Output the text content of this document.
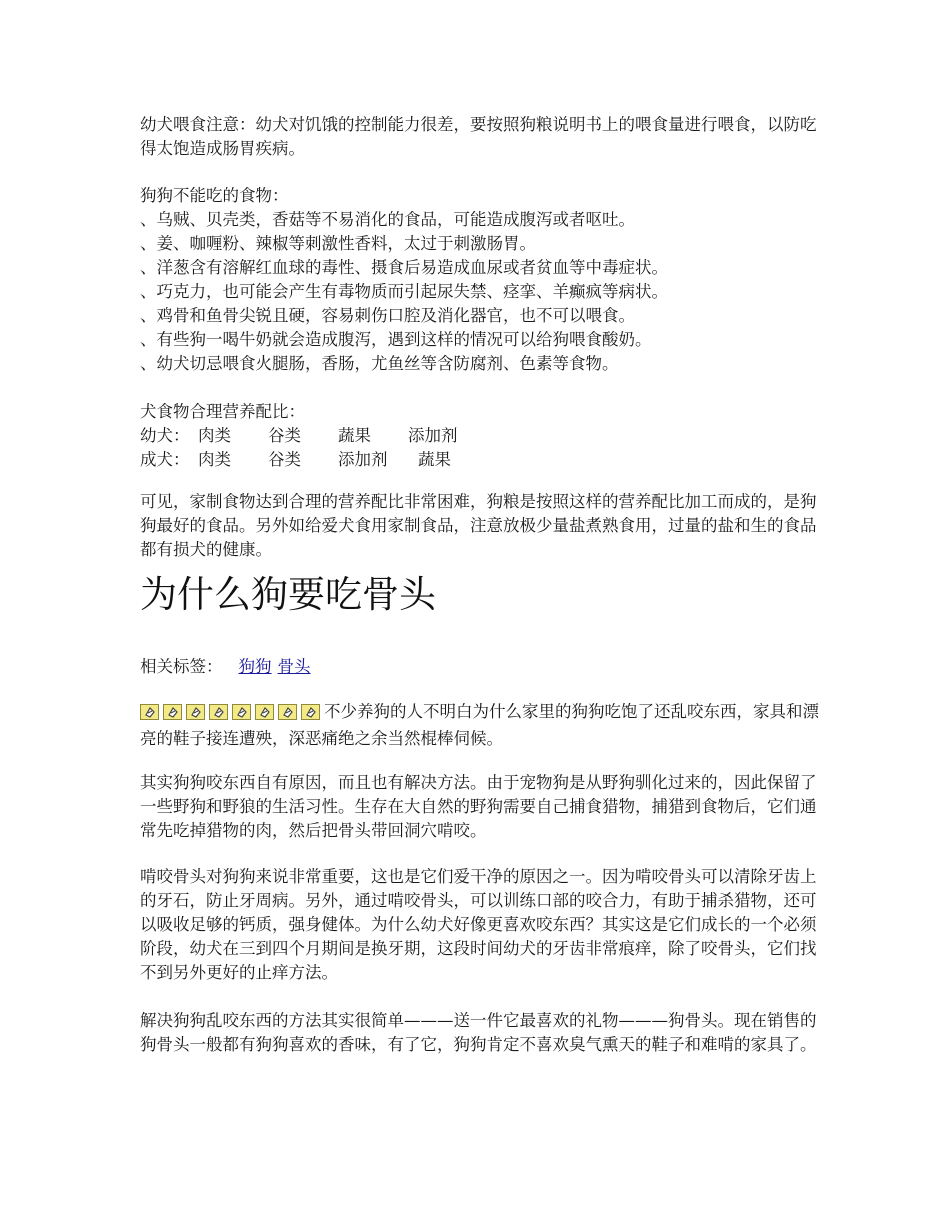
幼犬喂食注意：幼犬对饥饿的控制能力很差，要按照狗粮说明书上的喂食量进行喂食，以防吃得太饱造成肠胃疾病。

狗狗不能吃的食物：

、乌贼、贝壳类，香菇等不易消化的食品，可能造成腹泻或者呕吐。

、姜、咖喱粉、辣椒等刺激性香料，太过于刺激肠胃。

、洋葱含有溶解红血球的毒性、摄食后易造成血尿或者贫血等中毒症状。

、巧克力，也可能会产生有毒物质而引起尿失禁、痉挛、羊癫疯等病状。

、鸡骨和鱼骨尖锐且硬，容易刺伤口腔及消化器官，也不可以喂食。

、有些狗一喝牛奶就会造成腹泻，遇到这样的情况可以给狗喂食酸奶。

、幼犬切忌喂食火腿肠，香肠，尤鱼丝等含防腐剂、色素等食物。

犬食物合理营养配比：

幼犬： 肉类 谷类 蔬果 添加剂

成犬： 肉类 谷类 添加剂 蔬果

可见，家制食物达到合理的营养配比非常困难，狗粮是按照这样的营养配比加工而成的，是狗狗最好的食品。另外如给爱犬食用家制食品，注意放极少量盐煮熟食用，过量的盐和生的食品都有损犬的健康。

为什么狗要吃骨头
相关标签： 狗狗 骨头

不少养狗的人不明白为什么家里的狗狗吃饱了还乱咬东西，家具和漂亮的鞋子接连遭殃，深恶痛绝之余当然棍棒伺候。

其实狗狗咬东西自有原因，而且也有解决方法。由于宠物狗是从野狗驯化过来的，因此保留了一些野狗和野狼的生活习性。生存在大自然的野狗需要自己捕食猎物，捕猎到食物后，它们通常先吃掉猎物的肉，然后把骨头带回洞穴啃咬。

啃咬骨头对狗狗来说非常重要，这也是它们爱干净的原因之一。因为啃咬骨头可以清除牙齿上的牙石，防止牙周病。另外，通过啃咬骨头，可以训练口部的咬合力，有助于捕杀猎物，还可以吸收足够的钙质，强身健体。为什么幼犬好像更喜欢咬东西？其实这是它们成长的一个必须阶段，幼犬在三到四个月期间是换牙期，这段时间幼犬的牙齿非常痕痒，除了咬骨头，它们找不到另外更好的止痒方法。

解决狗狗乱咬东西的方法其实很简单———送一件它最喜欢的礼物———狗骨头。现在销售的狗骨头一般都有狗狗喜欢的香味，有了它，狗狗肯定不喜欢臭气熏天的鞋子和难啃的家具了。
